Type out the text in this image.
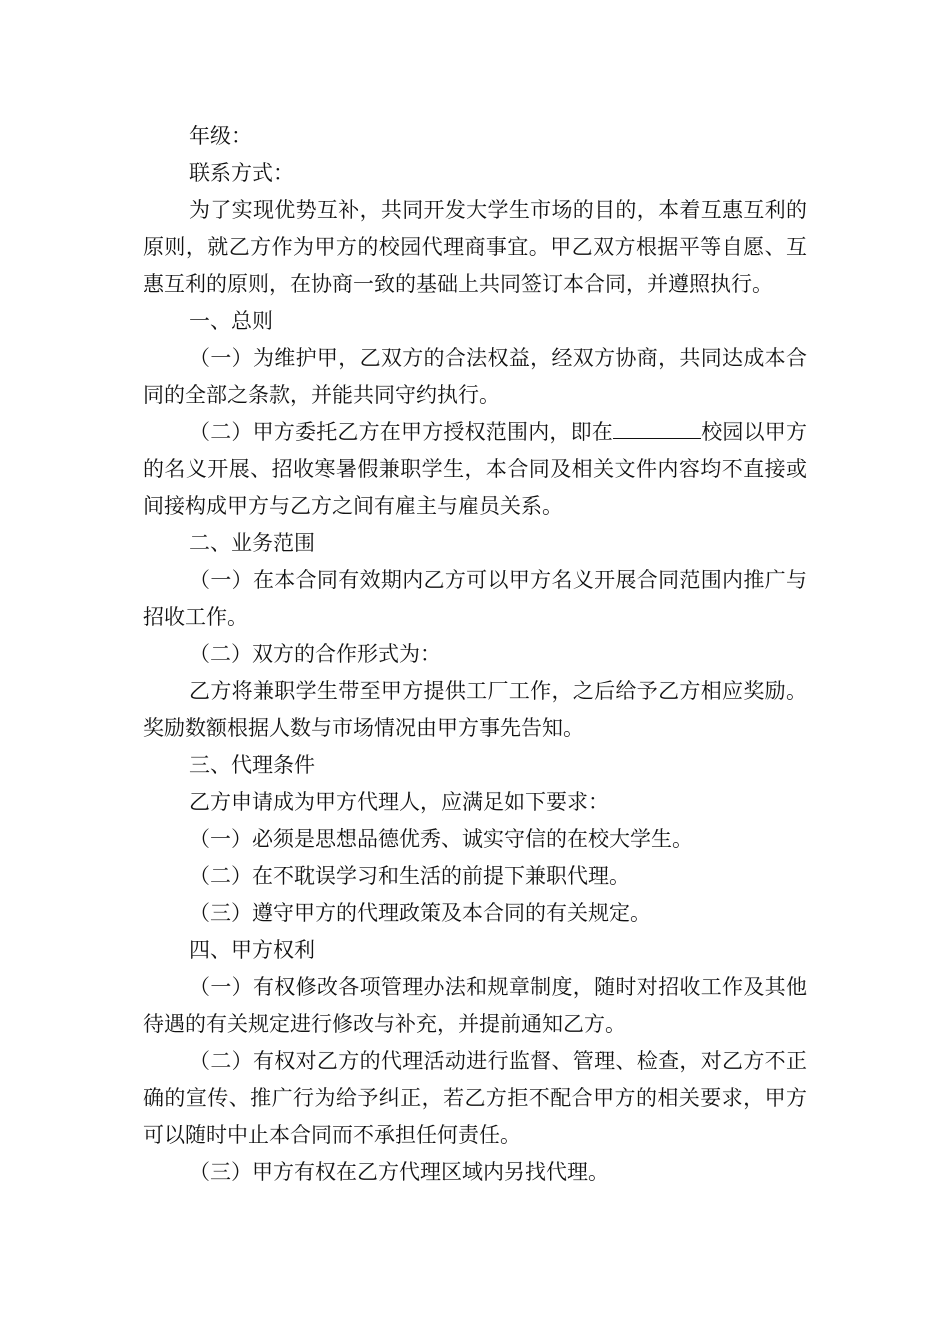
年级：

联系方式：

为了实现优势互补，共同开发大学生市场的目的，本着互惠互利的原则，就乙方作为甲方的校园代理商事宜。甲乙双方根据平等自愿、互惠互利的原则，在协商一致的基础上共同签订本合同，并遵照执行。

一、总则

（一）为维护甲，乙双方的合法权益，经双方协商，共同达成本合同的全部之条款，并能共同守约执行。

（二）甲方委托乙方在甲方授权范围内，即在	校园以甲方的名义开展、招收寒暑假兼职学生，本合同及相关文件内容均不直接或间接构成甲方与乙方之间有雇主与雇员关系。

二、业务范围

（一）在本合同有效期内乙方可以甲方名义开展合同范围内推广与招收工作。

（二）双方的合作形式为：

乙方将兼职学生带至甲方提供工厂工作，之后给予乙方相应奖励。奖励数额根据人数与市场情况由甲方事先告知。

三、代理条件

乙方申请成为甲方代理人，应满足如下要求：

（一）必须是思想品德优秀、诚实守信的在校大学生。

（二）在不耽误学习和生活的前提下兼职代理。

（三）遵守甲方的代理政策及本合同的有关规定。

四、甲方权利

（一）有权修改各项管理办法和规章制度，随时对招收工作及其他待遇的有关规定进行修改与补充，并提前通知乙方。

（二）有权对乙方的代理活动进行监督、管理、检查，对乙方不正确的宣传、推广行为给予纠正，若乙方拒不配合甲方的相关要求，甲方可以随时中止本合同而不承担任何责任。

（三）甲方有权在乙方代理区域内另找代理。
